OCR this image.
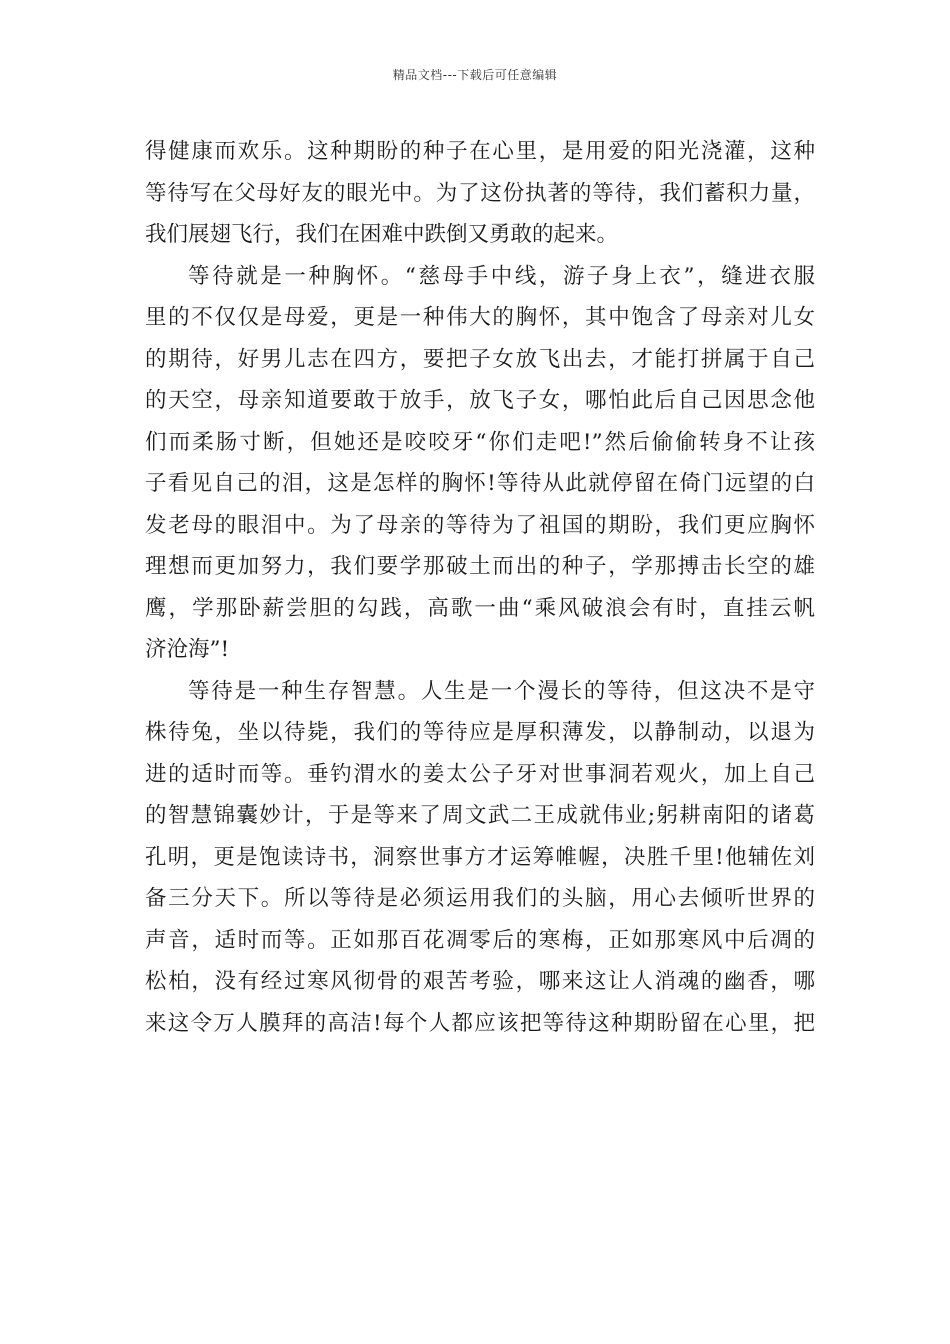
精品文档---下载后可任意编辑
得健康而欢乐。这种期盼的种子在心里，是用爱的阳光浇灌，这种
等待写在父母好友的眼光中。为了这份执著的等待，我们蓄积力量，
我们展翅飞行，我们在困难中跌倒又勇敢的起来。
等待就是一种胸怀。“慈母手中线，游子身上衣”，缝进衣服
里的不仅仅是母爱，更是一种伟大的胸怀，其中饱含了母亲对儿女
的期待，好男儿志在四方，要把子女放飞出去，才能打拼属于自己
的天空，母亲知道要敢于放手，放飞子女，哪怕此后自己因思念他
们而柔肠寸断，但她还是咬咬牙“你们走吧!”然后偷偷转身不让孩
子看见自己的泪，这是怎样的胸怀!等待从此就停留在倚门远望的白
发老母的眼泪中。为了母亲的等待为了祖国的期盼，我们更应胸怀
理想而更加努力，我们要学那破土而出的种子，学那搏击长空的雄
鹰，学那卧薪尝胆的勾践，高歌一曲“乘风破浪会有时，直挂云帆
济沧海”!
等待是一种生存智慧。人生是一个漫长的等待，但这决不是守
株待兔，坐以待毙，我们的等待应是厚积薄发，以静制动，以退为
进的适时而等。垂钓渭水的姜太公子牙对世事洞若观火，加上自己
的智慧锦囊妙计，于是等来了周文武二王成就伟业;躬耕南阳的诸葛
孔明，更是饱读诗书，洞察世事方才运筹帷幄，决胜千里!他辅佐刘
备三分天下。所以等待是必须运用我们的头脑，用心去倾听世界的
声音，适时而等。正如那百花凋零后的寒梅，正如那寒风中后凋的
松柏，没有经过寒风彻骨的艰苦考验，哪来这让人消魂的幽香，哪
来这令万人膜拜的高洁!每个人都应该把等待这种期盼留在心里，把
